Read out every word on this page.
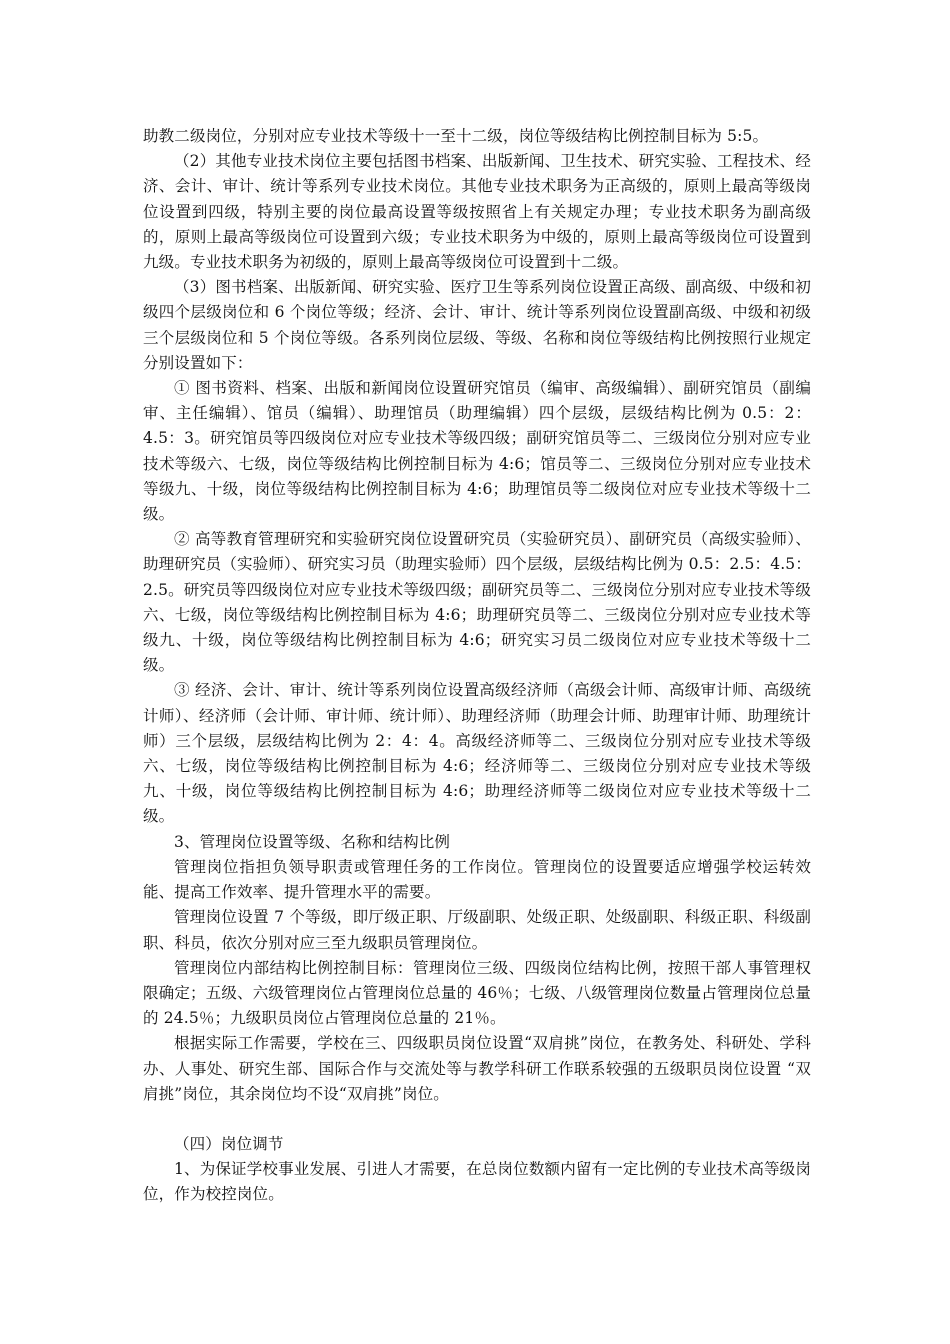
助教二级岗位，分别对应专业技术等级十一至十二级，岗位等级结构比例控制目标为 5:5。

（2）其他专业技术岗位主要包括图书档案、出版新闻、卫生技术、研究实验、工程技术、经济、会计、审计、统计等系列专业技术岗位。其他专业技术职务为正高级的，原则上最高等级岗位设置到四级，特别主要的岗位最高设置等级按照省上有关规定办理；专业技术职务为副高级的，原则上最高等级岗位可设置到六级；专业技术职务为中级的，原则上最高等级岗位可设置到九级。专业技术职务为初级的，原则上最高等级岗位可设置到十二级。

（3）图书档案、出版新闻、研究实验、医疗卫生等系列岗位设置正高级、副高级、中级和初级四个层级岗位和 6 个岗位等级；经济、会计、审计、统计等系列岗位设置副高级、中级和初级三个层级岗位和 5 个岗位等级。各系列岗位层级、等级、名称和岗位等级结构比例按照行业规定分别设置如下：

① 图书资料、档案、出版和新闻岗位设置研究馆员（编审、高级编辑）、副研究馆员（副编审、主任编辑）、馆员（编辑）、助理馆员（助理编辑）四个层级，层级结构比例为 0.5：2：4.5：3。研究馆员等四级岗位对应专业技术等级四级；副研究馆员等二、三级岗位分别对应专业技术等级六、七级，岗位等级结构比例控制目标为 4:6；馆员等二、三级岗位分别对应专业技术等级九、十级，岗位等级结构比例控制目标为 4:6；助理馆员等二级岗位对应专业技术等级十二级。

② 高等教育管理研究和实验研究岗位设置研究员（实验研究员）、副研究员（高级实验师）、助理研究员（实验师）、研究实习员（助理实验师）四个层级，层级结构比例为 0.5：2.5：4.5：2.5。研究员等四级岗位对应专业技术等级四级；副研究员等二、三级岗位分别对应专业技术等级六、七级，岗位等级结构比例控制目标为 4:6；助理研究员等二、三级岗位分别对应专业技术等级九、十级，岗位等级结构比例控制目标为 4:6；研究实习员二级岗位对应专业技术等级十二级。

③ 经济、会计、审计、统计等系列岗位设置高级经济师（高级会计师、高级审计师、高级统计师）、经济师（会计师、审计师、统计师）、助理经济师（助理会计师、助理审计师、助理统计师）三个层级，层级结构比例为 2：4：4。高级经济师等二、三级岗位分别对应专业技术等级六、七级，岗位等级结构比例控制目标为 4:6；经济师等二、三级岗位分别对应专业技术等级九、十级，岗位等级结构比例控制目标为 4:6；助理经济师等二级岗位对应专业技术等级十二级。

3、管理岗位设置等级、名称和结构比例

管理岗位指担负领导职责或管理任务的工作岗位。管理岗位的设置要适应增强学校运转效能、提高工作效率、提升管理水平的需要。

管理岗位设置 7 个等级，即厅级正职、厅级副职、处级正职、处级副职、科级正职、科级副职、科员，依次分别对应三至九级职员管理岗位。

管理岗位内部结构比例控制目标：管理岗位三级、四级岗位结构比例，按照干部人事管理权限确定；五级、六级管理岗位占管理岗位总量的 46％；七级、八级管理岗位数量占管理岗位总量的 24.5％；九级职员岗位占管理岗位总量的 21％。

根据实际工作需要，学校在三、四级职员岗位设置“双肩挑”岗位，在教务处、科研处、学科办、人事处、研究生部、国际合作与交流处等与教学科研工作联系较强的五级职员岗位设置 “双肩挑”岗位，其余岗位均不设“双肩挑”岗位。

（四）岗位调节

1、为保证学校事业发展、引进人才需要，在总岗位数额内留有一定比例的专业技术高等级岗位，作为校控岗位。
